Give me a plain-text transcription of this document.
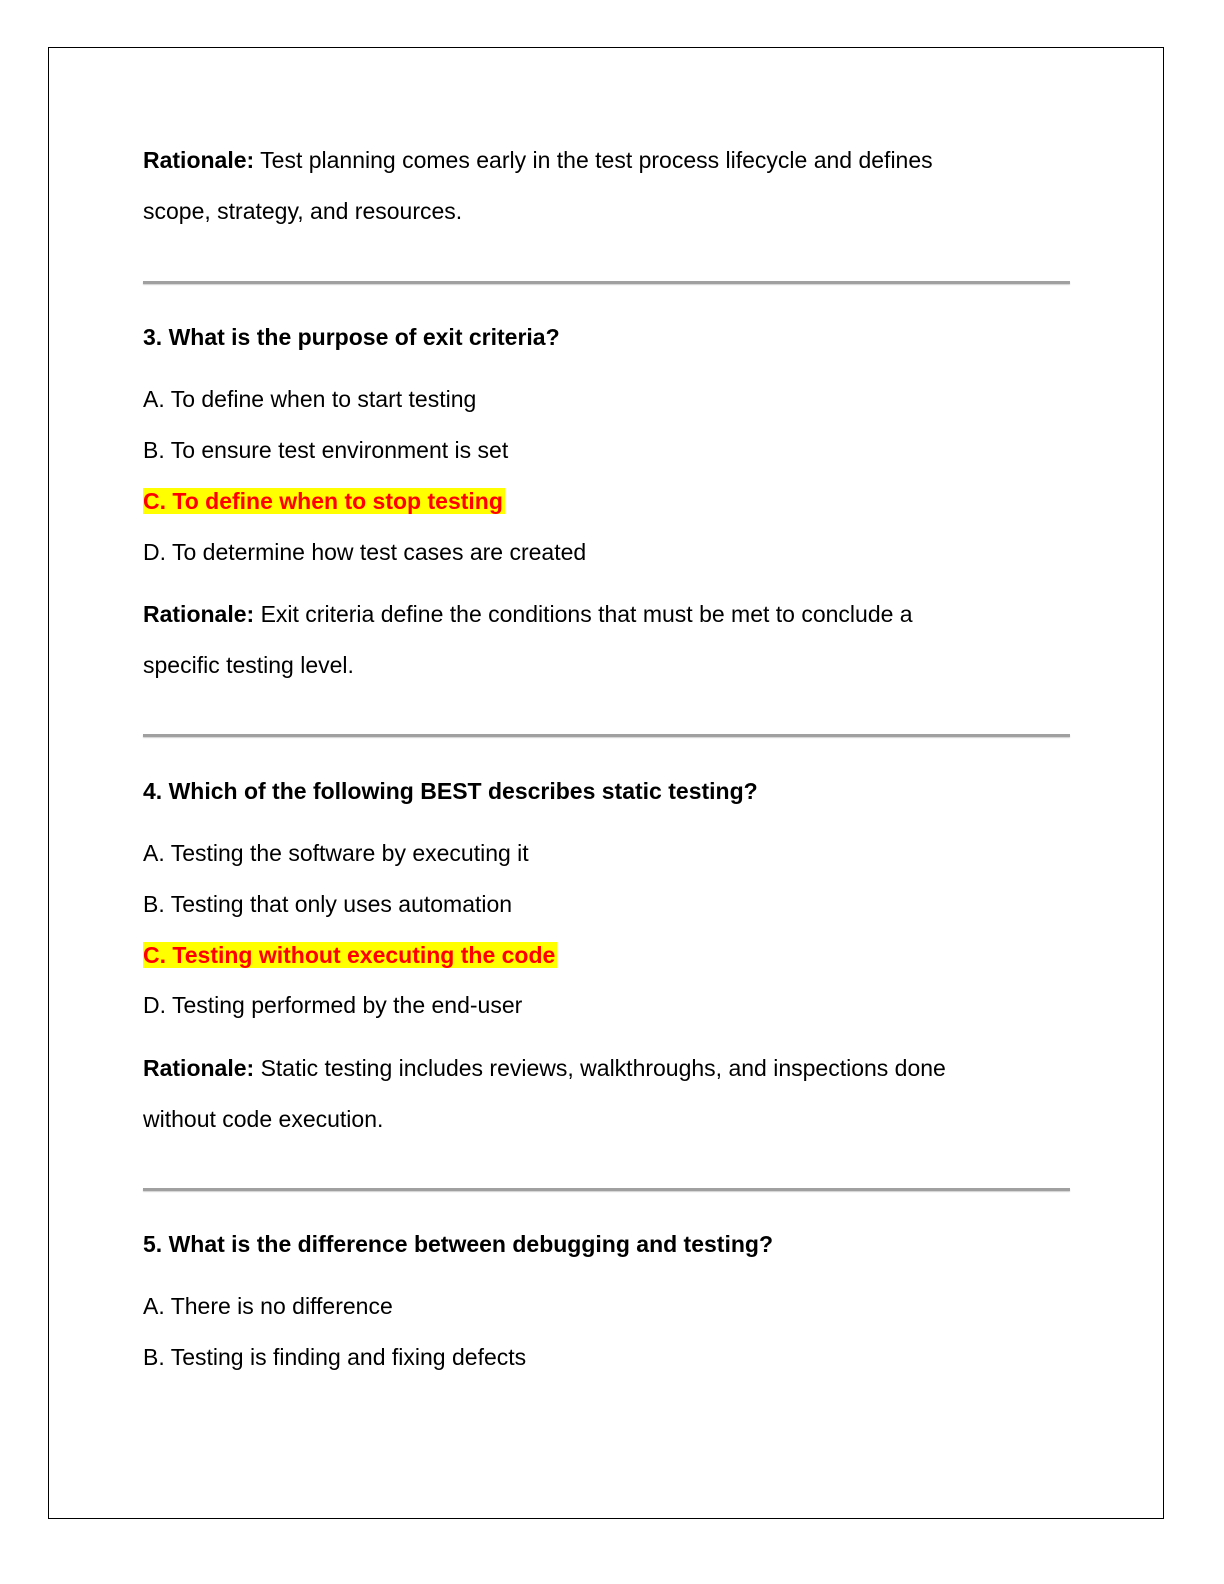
Rationale: Test planning comes early in the test process lifecycle and defines
scope, strategy, and resources.
3. What is the purpose of exit criteria?
A. To define when to start testing
B. To ensure test environment is set
C. To define when to stop testing
D. To determine how test cases are created
Rationale: Exit criteria define the conditions that must be met to conclude a
specific testing level.
4. Which of the following BEST describes static testing?
A. Testing the software by executing it
B. Testing that only uses automation
C. Testing without executing the code
D. Testing performed by the end-user
Rationale: Static testing includes reviews, walkthroughs, and inspections done
without code execution.
5. What is the difference between debugging and testing?
A. There is no difference
B. Testing is finding and fixing defects
